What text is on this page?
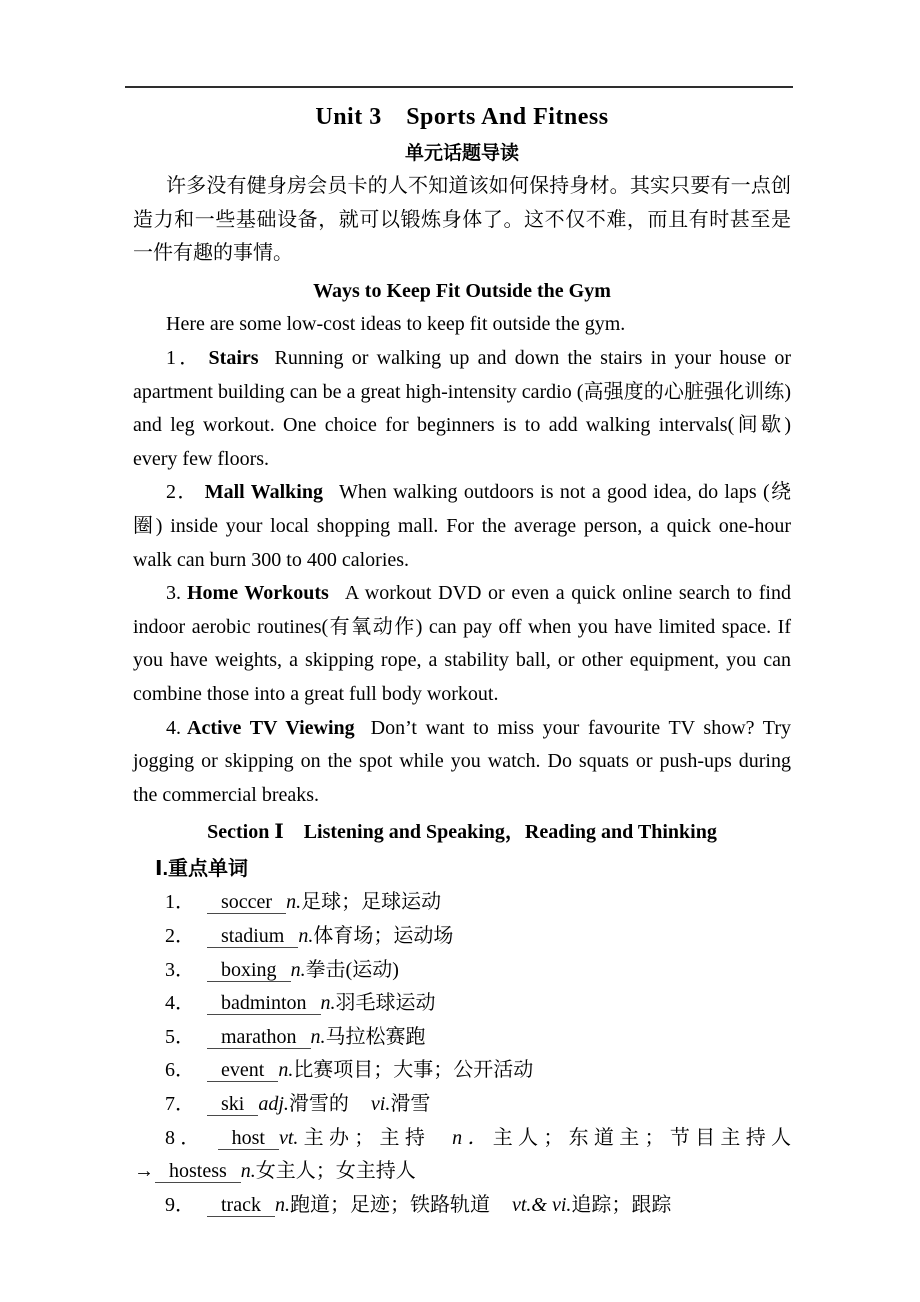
Unit 3　Sports And Fitness
单元话题导读

许多没有健身房会员卡的人不知道该如何保持身材。其实只要有一点创造力和一些基础设备，就可以锻炼身体了。这不仅不难，而且有时甚至是一件有趣的事情。

Ways to Keep Fit Outside the Gym

Here are some low-cost ideas to keep fit outside the gym.

1． Stairs Running or walking up and down the stairs in your house or apartment building can be a great high-intensity cardio (高强度的心脏强化训练) and leg workout. One choice for beginners is to add walking intervals(间歇) every few floors.

2． Mall Walking When walking outdoors is not a good idea, do laps (绕圈) inside your local shopping mall. For the average person, a quick one-hour walk can burn 300 to 400 calories.

3. Home Workouts A workout DVD or even a quick online search to find indoor aerobic routines(有氧动作) can pay off when you have limited space. If you have weights, a skipping rope, a stability ball, or other equipment, you can combine those into a great full body workout.

4. Active TV Viewing Don’t want to miss your favourite TV show? Try jogging or skipping on the spot while you watch. Do squats or push-ups during the commercial breaks.

Section Ⅰ　Listening and Speaking，Reading and Thinking
Ⅰ.重点单词
1． soccer n.足球；足球运动
2． stadium n.体育场；运动场
3． boxing n.拳击(运动)
4． badminton n.羽毛球运动
5． marathon n.马拉松赛跑
6． event n.比赛项目；大事；公开活动
7． ski adj.滑雪的 vi.滑雪
8． host vt.主办；主持 n．主人；东道主；节目主持人→ hostess n.女主人；女主持人
9． track n.跑道；足迹；铁路轨道 vt.& vi.追踪；跟踪
